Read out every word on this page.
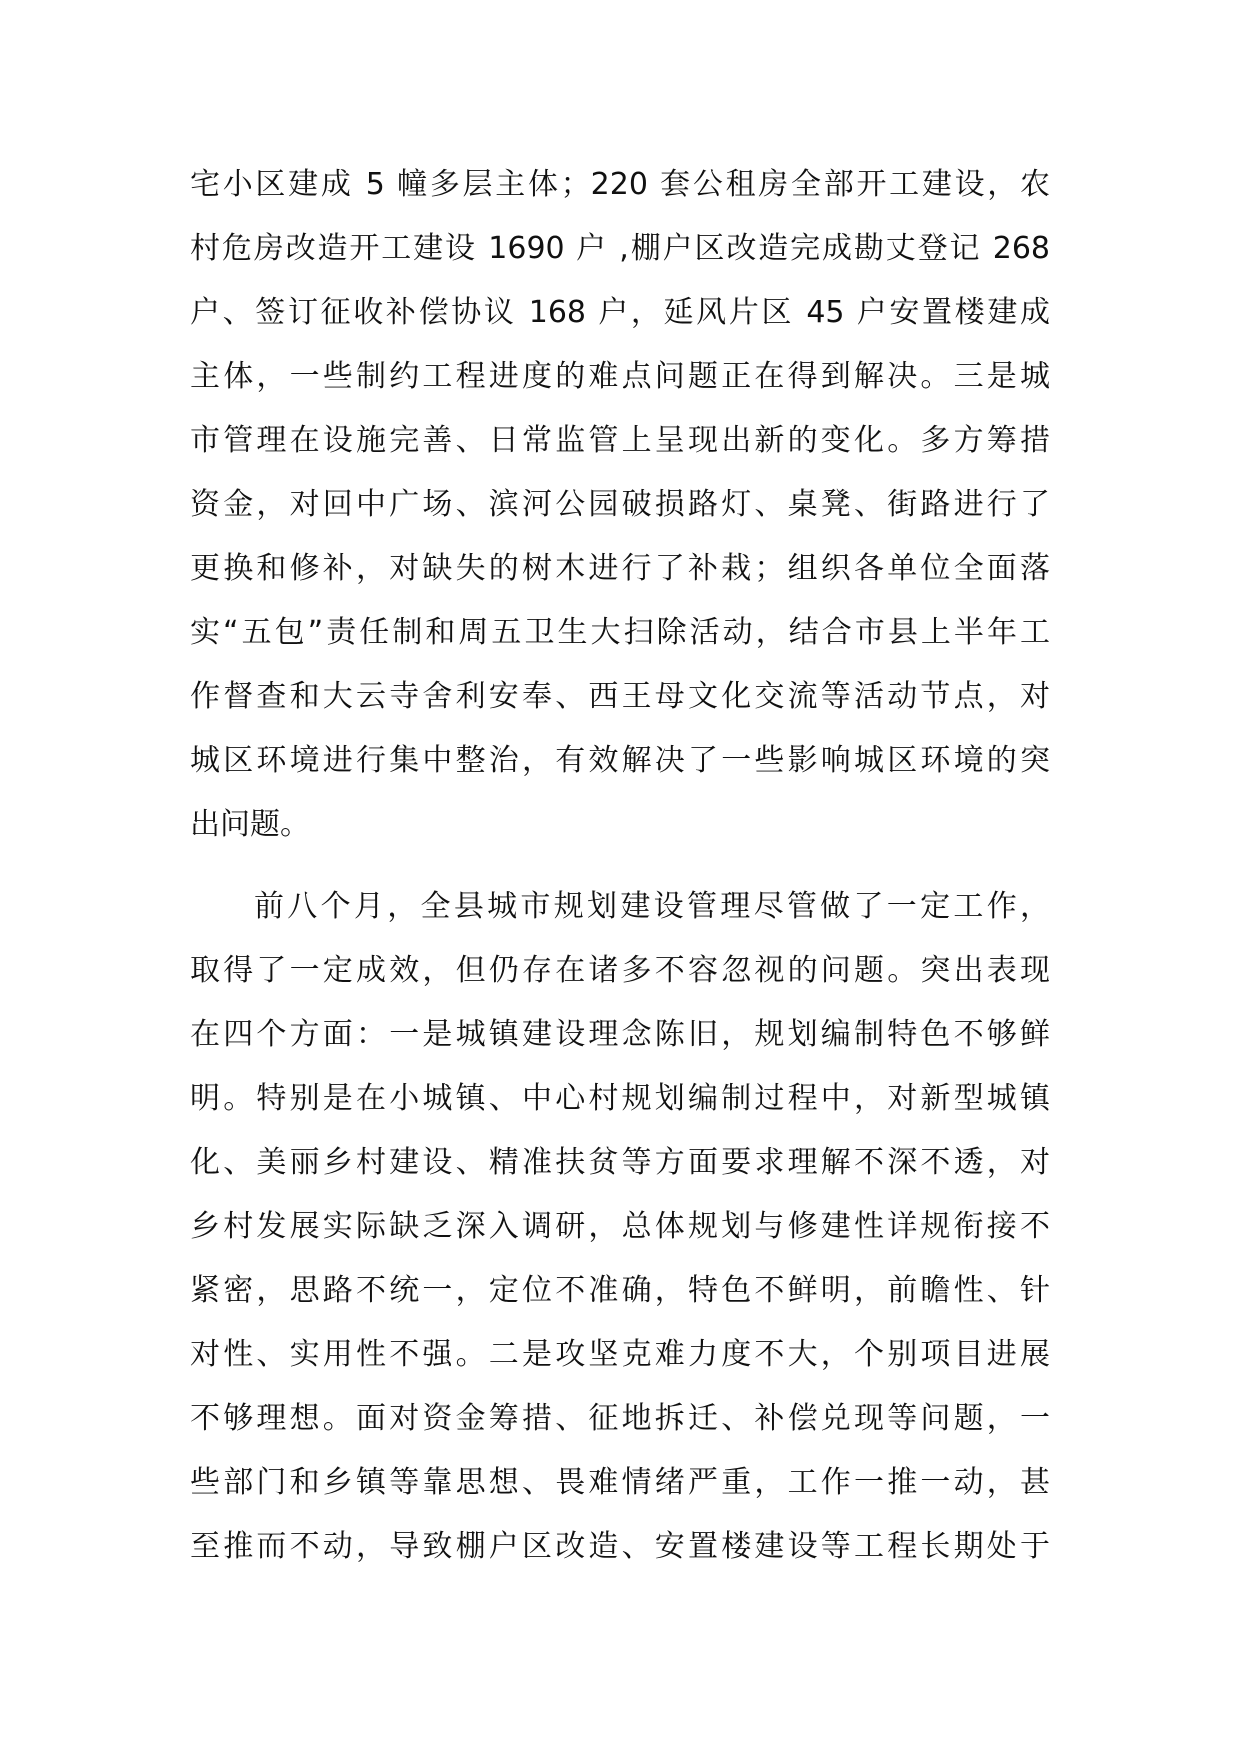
宅小区建成 5 幢多层主体；220 套公租房全部开工建设，农
村危房改造开工建设 1690 户 ,棚户区改造完成勘丈登记 268
户、签订征收补偿协议 168 户，延风片区 45 户安置楼建成
主体，一些制约工程进度的难点问题正在得到解决。三是城
市管理在设施完善、日常监管上呈现出新的变化。多方筹措
资金，对回中广场、滨河公园破损路灯、桌凳、街路进行了
更换和修补，对缺失的树木进行了补栽；组织各单位全面落
实“五包”责任制和周五卫生大扫除活动，结合市县上半年工
作督查和大云寺舍利安奉、西王母文化交流等活动节点，对
城区环境进行集中整治，有效解决了一些影响城区环境的突
出问题。
前八个月，全县城市规划建设管理尽管做了一定工作，
取得了一定成效，但仍存在诸多不容忽视的问题。突出表现
在四个方面：一是城镇建设理念陈旧，规划编制特色不够鲜
明。特别是在小城镇、中心村规划编制过程中，对新型城镇
化、美丽乡村建设、精准扶贫等方面要求理解不深不透，对
乡村发展实际缺乏深入调研，总体规划与修建性详规衔接不
紧密，思路不统一，定位不准确，特色不鲜明，前瞻性、针
对性、实用性不强。二是攻坚克难力度不大，个别项目进展
不够理想。面对资金筹措、征地拆迁、补偿兑现等问题，一
些部门和乡镇等靠思想、畏难情绪严重，工作一推一动，甚
至推而不动，导致棚户区改造、安置楼建设等工程长期处于
